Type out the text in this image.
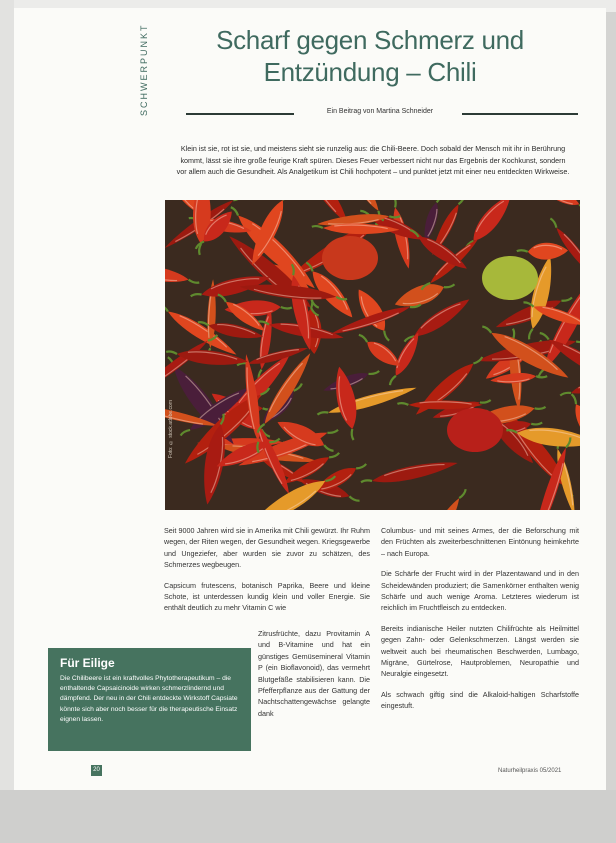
SCHWERPUNKT	Scharf gegen Schmerz und
Entzündung – Chili
Ein Beitrag von Martina Schneider
Klein ist sie, rot ist sie, und meistens sieht sie runzelig aus: die Chili-Beere. Doch sobald der Mensch mit ihr in Berührung kommt, lässt sie ihre große feurige Kraft spüren. Dieses Feuer verbessert nicht nur das Ergebnis der Kochkunst, sondern vor allem auch die Gesundheit. Als Analgetikum ist Chili hochpotent – und punktet jetzt mit einer neu entdeckten Wirkweise.
Foto: © stock.adobe.com

Seit 9000 Jahren wird sie in Amerika mit Chili gewürzt. Ihr Ruhm wegen, der Riten wegen, der Gesundheit wegen. Kriegsgewerbe und Ungeziefer, aber wurden sie zuvor zu schätzen, des Schmerzes wegbeugen.

Capsicum frutescens, botanisch Paprika, Beere und kleine Schote, ist unterdessen kundig klein und voller Energie. Sie enthält deutlich zu mehr Vitamin C wie

Zitrusfrüchte, dazu Provitamin A und B-Vitamine und hat ein günstiges Gemüsemineral Vitamin P (ein Bioflavonoid), das vermehrt Blutgefäße stabilisieren kann. Die Pfefferpflanze aus der Gattung der Nachtschattengewächse gelangte dank

Columbus- und mit seines Armes, der die Beforschung mit den Früchten als zweiterbeschnittenen Eintönung heimkehrte – nach Europa.

Die Schärfe der Frucht wird in der Plazentawand und in den Scheidewänden produziert; die Samenkörner enthalten wenig Schärfe und auch wenige Aroma. Letzteres wiederum ist reichlich im Fruchtfleisch zu entdecken.

Bereits indianische Heiler nutzten Chilifrüchte als Heilmittel gegen Zahn- oder Gelenkschmerzen. Längst werden sie weltweit auch bei rheumatischen Beschwerden, Lumbago, Migräne, Gürtelrose, Hautproblemen, Neuropathie und Neuralgie eingesetzt.

Als schwach giftig sind die Alkaloid-haltigen Scharfstoffe eingestuft.

Für Eilige

Die Chilibeere ist ein kraftvolles Phytotherapeutikum – die enthaltende Capsaicinoide wirken schmerzlindernd und dämpfend. Der neu in der Chili entdeckte Wirkstoff Capsiate könnte sich aber noch besser für die therapeutische Einsatz eignen lassen.

20	Naturheilpraxis 05/2021
